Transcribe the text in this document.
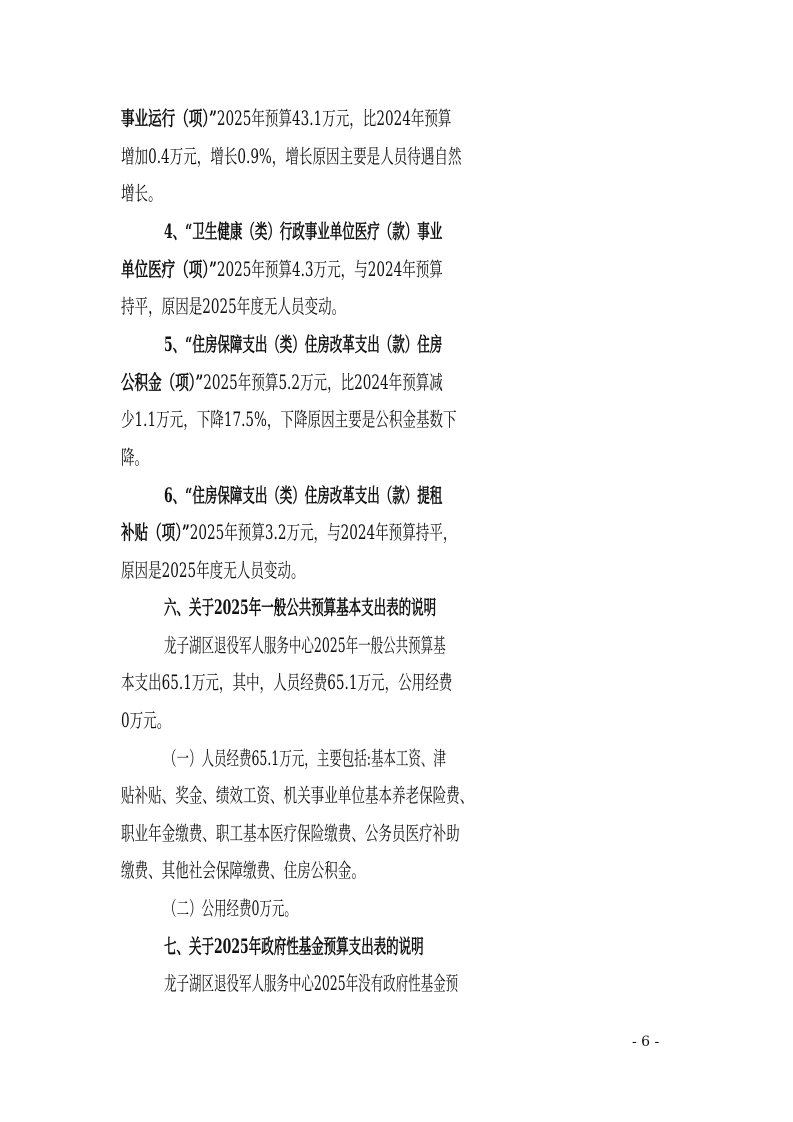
事业运行（项）”2025年预算43.1万元，比2024年预算
增加0.4万元，增长0.9%，增长原因主要是人员待遇自然
增长。
4、“卫生健康（类）行政事业单位医疗（款）事业
单位医疗（项）”2025年预算4.3万元，与2024年预算
持平，原因是2025年度无人员变动。
5、“住房保障支出（类）住房改革支出（款）住房
公积金（项）”2025年预算5.2万元，比2024年预算减
少1.1万元，下降17.5%，下降原因主要是公积金基数下
降。
6、“住房保障支出（类）住房改革支出（款）提租
补贴（项）”2025年预算3.2万元，与2024年预算持平，
原因是2025年度无人员变动。
六、关于2025年一般公共预算基本支出表的说明
龙子湖区退役军人服务中心2025年一般公共预算基
本支出65.1万元，其中，人员经费65.1万元，公用经费
0万元。
（一）人员经费65.1万元，主要包括:基本工资、津
贴补贴、奖金、绩效工资、机关事业单位基本养老保险费、
职业年金缴费、职工基本医疗保险缴费、公务员医疗补助
缴费、其他社会保障缴费、住房公积金。
（二）公用经费0万元。
七、关于2025年政府性基金预算支出表的说明
龙子湖区退役军人服务中心2025年没有政府性基金预
- 6 -
